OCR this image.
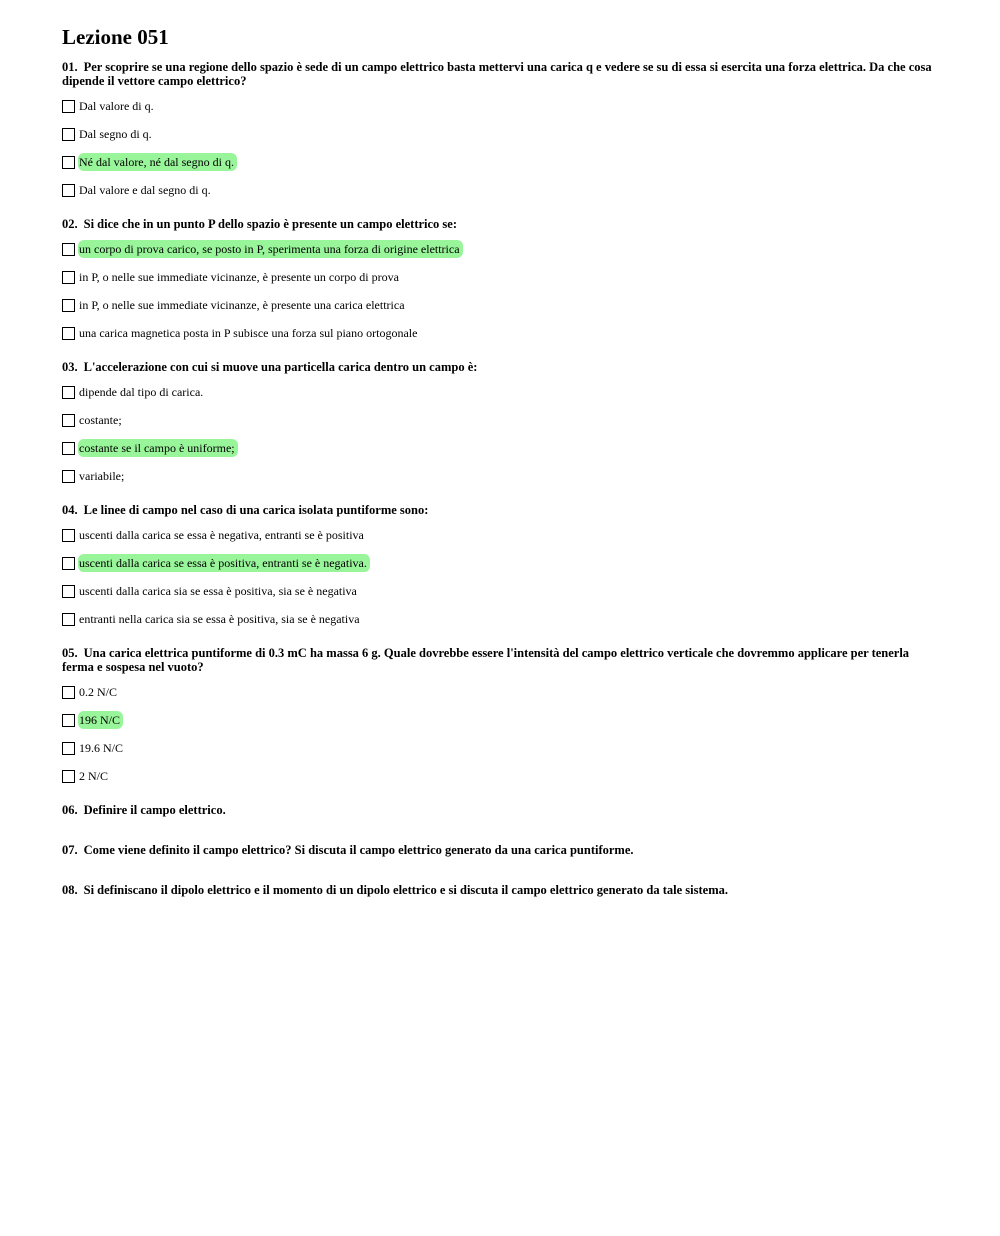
Lezione 051
01. Per scoprire se una regione dello spazio è sede di un campo elettrico basta mettervi una carica q e vedere se su di essa si esercita una forza elettrica. Da che cosa dipende il vettore campo elettrico?
Dal valore di q.
Dal segno di q.
Né dal valore, né dal segno di q.
Dal valore e dal segno di q.
02. Si dice che in un punto P dello spazio è presente un campo elettrico se:
un corpo di prova carico, se posto in P, sperimenta una forza di origine elettrica
in P, o nelle sue immediate vicinanze, è presente un corpo di prova
in P, o nelle sue immediate vicinanze, è presente una carica elettrica
una carica magnetica posta in P subisce una forza sul piano ortogonale
03. L'accelerazione con cui si muove una particella carica dentro un campo è:
dipende dal tipo di carica.
costante;
costante se il campo è uniforme;
variabile;
04. Le linee di campo nel caso di una carica isolata puntiforme sono:
uscenti dalla carica se essa è negativa, entranti se è positiva
uscenti dalla carica se essa è positiva, entranti se è negativa.
uscenti dalla carica sia se essa è positiva, sia se è negativa
entranti nella carica sia se essa è positiva, sia se è negativa
05. Una carica elettrica puntiforme di 0.3 mC ha massa 6 g. Quale dovrebbe essere l'intensità del campo elettrico verticale che dovremmo applicare per tenerla ferma e sospesa nel vuoto?
0.2 N/C
196 N/C
19.6 N/C
2 N/C
06. Definire il campo elettrico.
07. Come viene definito il campo elettrico? Si discuta il campo elettrico generato da una carica puntiforme.
08. Si definiscano il dipolo elettrico e il momento di un dipolo elettrico e si discuta il campo elettrico generato da tale sistema.
